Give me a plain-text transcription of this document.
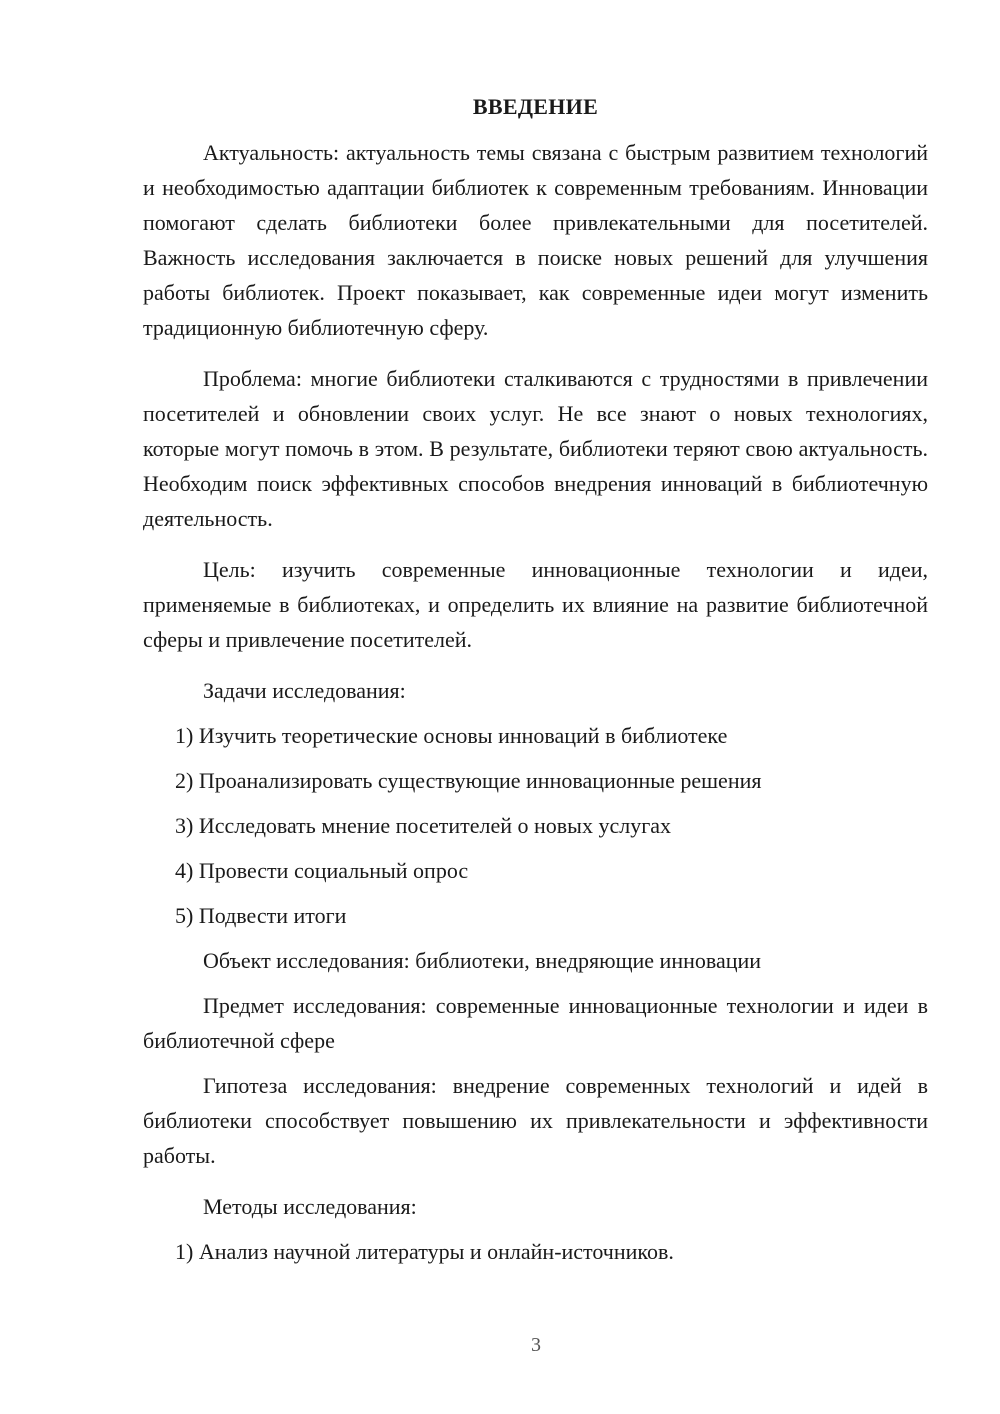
ВВЕДЕНИЕ

Актуальность: актуальность темы связана с быстрым развитием технологий и необходимостью адаптации библиотек к современным требованиям. Инновации помогают сделать библиотеки более привлекательными для посетителей. Важность исследования заключается в поиске новых решений для улучшения работы библиотек. Проект показывает, как современные идеи могут изменить традиционную библиотечную сферу.

Проблема: многие библиотеки сталкиваются с трудностями в привлечении посетителей и обновлении своих услуг. Не все знают о новых технологиях, которые могут помочь в этом. В результате, библиотеки теряют свою актуальность. Необходим поиск эффективных способов внедрения инноваций в библиотечную деятельность.

Цель: изучить современные инновационные технологии и идеи, применяемые в библиотеках, и определить их влияние на развитие библиотечной сферы и привлечение посетителей.

Задачи исследования:
1) Изучить теоретические основы инноваций в библиотеке
2) Проанализировать существующие инновационные решения
3) Исследовать мнение посетителей о новых услугах
4) Провести социальный опрос
5) Подвести итоги
Объект исследования: библиотеки, внедряющие инновации

Предмет исследования: современные инновационные технологии и идеи в библиотечной сфере

Гипотеза исследования: внедрение современных технологий и идей в библиотеки способствует повышению их привлекательности и эффективности работы.

Методы исследования:
1) Анализ научной литературы и онлайн-источников.
3
